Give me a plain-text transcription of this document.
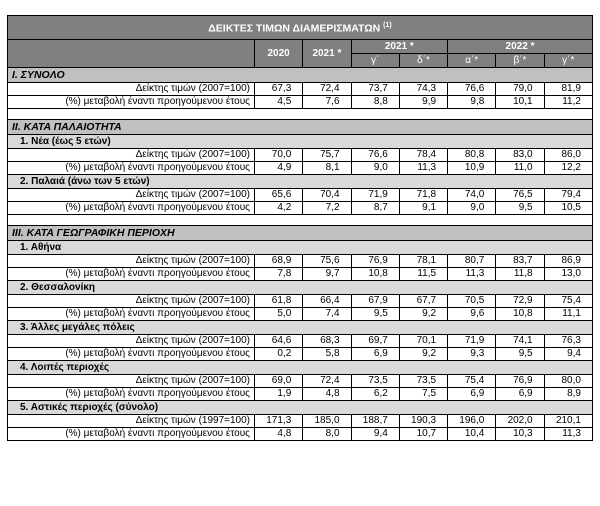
ΔΕΙΚΤΕΣ ΤΙΜΩΝ ΔΙΑΜΕΡΙΣΜΑΤΩΝ $^{(1)}$
	2020	2021 *	2021 *		2022 *		
			γ΄	δ΄*	α΄*	β΄*	γ΄*
I. ΣΥΝΟΛΟ							
Δείκτης τιμών (2007=100)	67,3	72,4	73,7	74,3	76,6	79,0	81,9
(%) μεταβολή έναντι προηγούμενου έτους	4,5	7,6	8,8	9,9	9,8	10,1	11,2

II. ΚΑΤΑ ΠΑΛΑΙΟΤΗΤΑ							
1. Νέα (έως 5 ετών)							
Δείκτης τιμών (2007=100)	70,0	75,7	76,6	78,4	80,8	83,0	86,0
(%) μεταβολή έναντι προηγούμενου έτους	4,9	8,1	9,0	11,3	10,9	11,0	12,2
2. Παλαιά (άνω των 5 ετών)							
Δείκτης τιμών (2007=100)	65,6	70,4	71,9	71,8	74,0	76,5	79,4
(%) μεταβολή έναντι προηγούμενου έτους	4,2	7,2	8,7	9,1	9,0	9,5	10,5

III. ΚΑΤΑ ΓΕΩΓΡΑΦΙΚΗ ΠΕΡΙΟΧΗ							
1. Αθήνα							
Δείκτης τιμών (2007=100)	68,9	75,6	76,9	78,1	80,7	83,7	86,9
(%) μεταβολή έναντι προηγούμενου έτους	7,8	9,7	10,8	11,5	11,3	11,8	13,0
2. Θεσσαλονίκη							
Δείκτης τιμών (2007=100)	61,8	66,4	67,9	67,7	70,5	72,9	75,4
(%) μεταβολή έναντι προηγούμενου έτους	5,0	7,4	9,5	9,2	9,6	10,8	11,1
3. Άλλες μεγάλες πόλεις							
Δείκτης τιμών (2007=100)	64,6	68,3	69,7	70,1	71,9	74,1	76,3
(%) μεταβολή έναντι προηγούμενου έτους	0,2	5,8	6,9	9,2	9,3	9,5	9,4
4. Λοιπές περιοχές							
Δείκτης τιμών (2007=100)	69,0	72,4	73,5	73,5	75,4	76,9	80,0
(%) μεταβολή έναντι προηγούμενου έτους	1,9	4,8	6,2	7,5	6,9	6,9	8,9
5. Αστικές περιοχές (σύνολο)							
Δείκτης τιμών (1997=100)	171,3	185,0	188,7	190,3	196,0	202,0	210,1
(%) μεταβολή έναντι προηγούμενου έτους	4,8	8,0	9,4	10,7	10,4	10,3	11,3
